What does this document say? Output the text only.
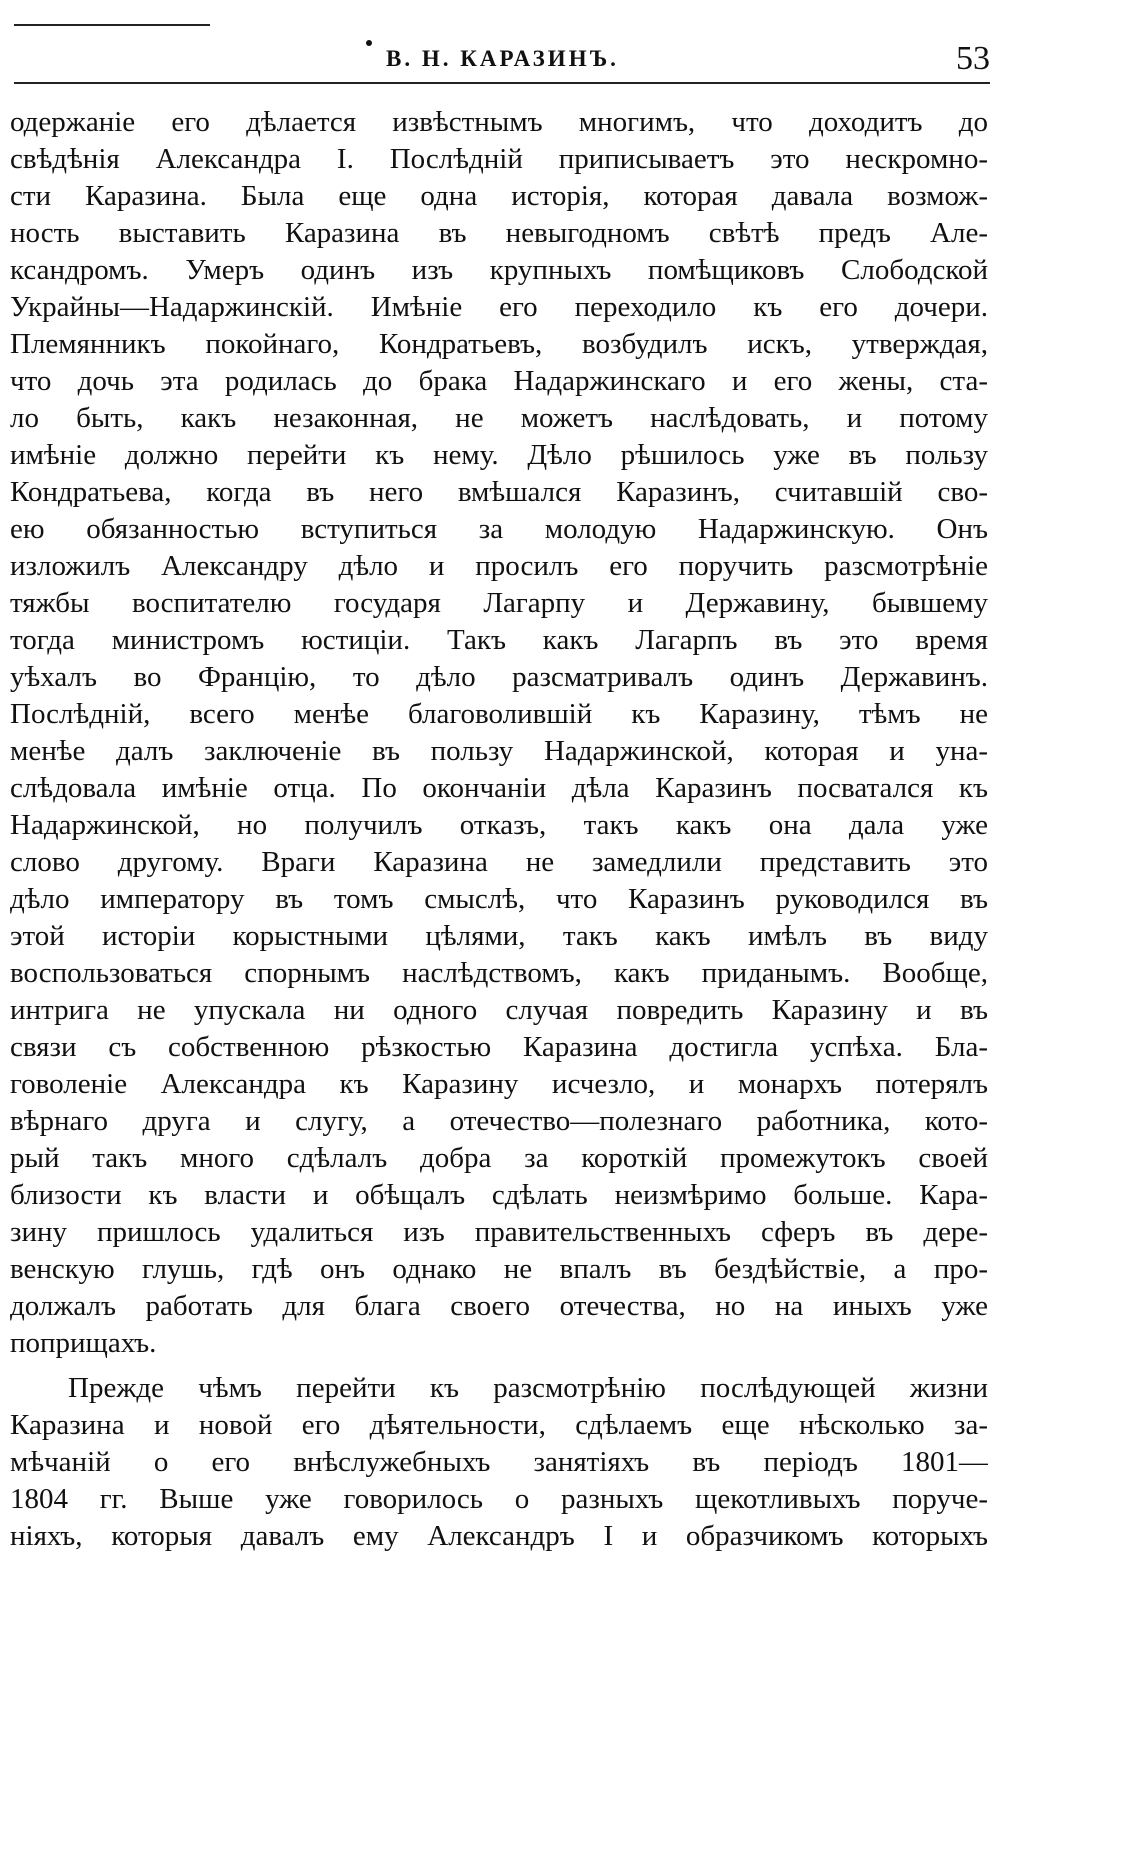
В. Н. КАРАЗИНЪ.	53
одержаніе его дѣлается извѣстнымъ многимъ, что доходитъ до
свѣдѣнія Александра I. Послѣдній приписываетъ это нескромно-
сти Каразина. Была еще одна исторія, которая давала возмож-
ность выставить Каразина въ невыгодномъ свѣтѣ предъ Але-
ксандромъ. Умеръ одинъ изъ крупныхъ помѣщиковъ Слободской
Украйны—Надаржинскій. Имѣніе его переходило къ его дочери.
Племянникъ покойнаго, Кондратьевъ, возбудилъ искъ, утверждая,
что дочь эта родилась до брака Надаржинскаго и его жены, ста-
ло быть, какъ незаконная, не можетъ наслѣдовать, и потому
имѣніе должно перейти къ нему. Дѣло рѣшилось уже въ пользу
Кондратьева, когда въ него вмѣшался Каразинъ, считавшій сво-
ею обязанностью вступиться за молодую Надаржинскую. Онъ
изложилъ Александру дѣло и просилъ его поручить разсмотрѣніе
тяжбы воспитателю государя Лагарпу и Державину, бывшему
тогда министромъ юстиціи. Такъ какъ Лагарпъ въ это время
уѣхалъ во Францію, то дѣло разсматривалъ одинъ Державинъ.
Послѣдній, всего менѣе благоволившій къ Каразину, тѣмъ не
менѣе далъ заключеніе въ пользу Надаржинской, которая и уна-
слѣдовала имѣніе отца. По окончаніи дѣла Каразинъ посватался къ
Надаржинской, но получилъ отказъ, такъ какъ она дала уже
слово другому. Враги Каразина не замедлили представить это
дѣло императору въ томъ смыслѣ, что Каразинъ руководился въ
этой исторіи корыстными цѣлями, такъ какъ имѣлъ въ виду
воспользоваться спорнымъ наслѣдствомъ, какъ приданымъ. Вообще,
интрига не упускала ни одного случая повредить Каразину и въ
связи съ собственною рѣзкостью Каразина достигла успѣха. Бла-
говоленіе Александра къ Каразину исчезло, и монархъ потерялъ
вѣрнаго друга и слугу, а отечество—полезнаго работника, кото-
рый такъ много сдѣлалъ добра за короткій промежутокъ своей
близости къ власти и обѣщалъ сдѣлать неизмѣримо больше. Кара-
зину пришлось удалиться изъ правительственныхъ сферъ въ дере-
венскую глушь, гдѣ онъ однако не впалъ въ бездѣйствіе, а про-
должалъ работать для блага своего отечества, но на иныхъ уже
поприщахъ.
Прежде чѣмъ перейти къ разсмотрѣнію послѣдующей жизни
Каразина и новой его дѣятельности, сдѣлаемъ еще нѣсколько за-
мѣчаній о его внѣслужебныхъ занятіяхъ въ періодъ 1801—
1804 гг. Выше уже говорилось о разныхъ щекотливыхъ поруче-
ніяхъ, которыя давалъ ему Александръ I и образчикомъ которыхъ
